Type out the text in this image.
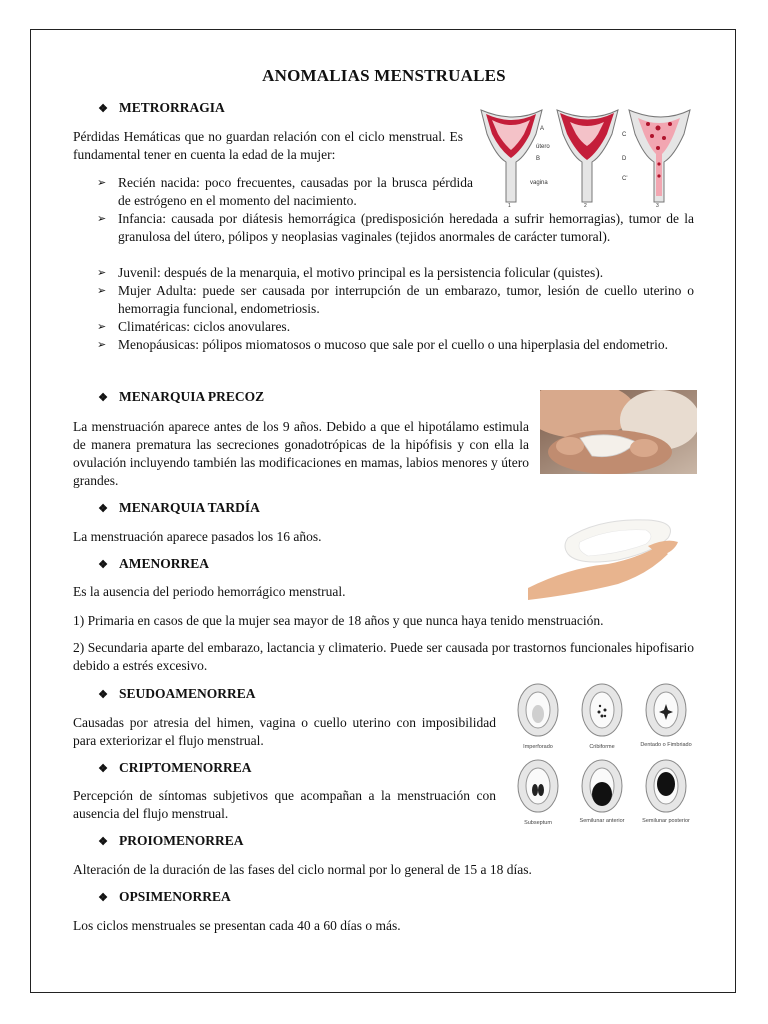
ANOMALIAS MENSTRUALES
❖ METRORRAGIA
Pérdidas Hemáticas que no guardan relación con el ciclo menstrual. Es fundamental tener en cuenta la edad de la mujer:
A
útero
B
vagina
1	2
C
D
C'
3
➢ Recién nacida: poco frecuentes, causadas por la brusca pérdida de estrógeno en el momento del nacimiento.
➢ Infancia: causada por diátesis hemorrágica (predisposición heredada a sufrir hemorragias), tumor de la granulosa del útero, pólipos y neoplasias vaginales (tejidos anormales de carácter tumoral).
➢ Juvenil: después de la menarquia, el motivo principal es la persistencia folicular (quistes).
➢ Mujer Adulta: puede ser causada por interrupción de un embarazo, tumor, lesión de cuello uterino o hemorragia funcional, endometriosis.
➢ Climatéricas: ciclos anovulares.
➢ Menopáusicas: pólipos miomatosos o mucoso que sale por el cuello o una hiperplasia del endometrio.
❖ MENARQUIA PRECOZ
La menstruación aparece antes de los 9 años. Debido a que el hipotálamo estimula de manera prematura las secreciones gonadotrópicas de la hipófisis y con ella la ovulación incluyendo también las modificaciones en mamas, labios menores y útero grandes.
❖ MENARQUIA TARDÍA
La menstruación aparece pasados los 16 años.
❖ AMENORREA
Es la ausencia del periodo hemorrágico menstrual.
1) Primaria en casos de que la mujer sea mayor de 18 años y que nunca haya tenido menstruación.
2) Secundaria aparte del embarazo, lactancia y climaterio. Puede ser causada por trastornos funcionales hipofisario debido a estrés excesivo.
❖ SEUDOAMENORREA
Causadas por atresia del himen, vagina o cuello uterino con imposibilidad para exteriorizar el flujo menstrual.	Imperforado	Cribiforme	Dentado o Fimbriado
Subseptum	Semilunar anterior	Semilunar posterior
❖ CRIPTOMENORREA
Percepción de síntomas subjetivos que acompañan a la menstruación con ausencia del flujo menstrual.
❖ PROIOMENORREA
Alteración de la duración de las fases del ciclo normal por lo general de 15 a 18 días.
❖ OPSIMENORREA
Los ciclos menstruales se presentan cada 40 a 60 días o más.
